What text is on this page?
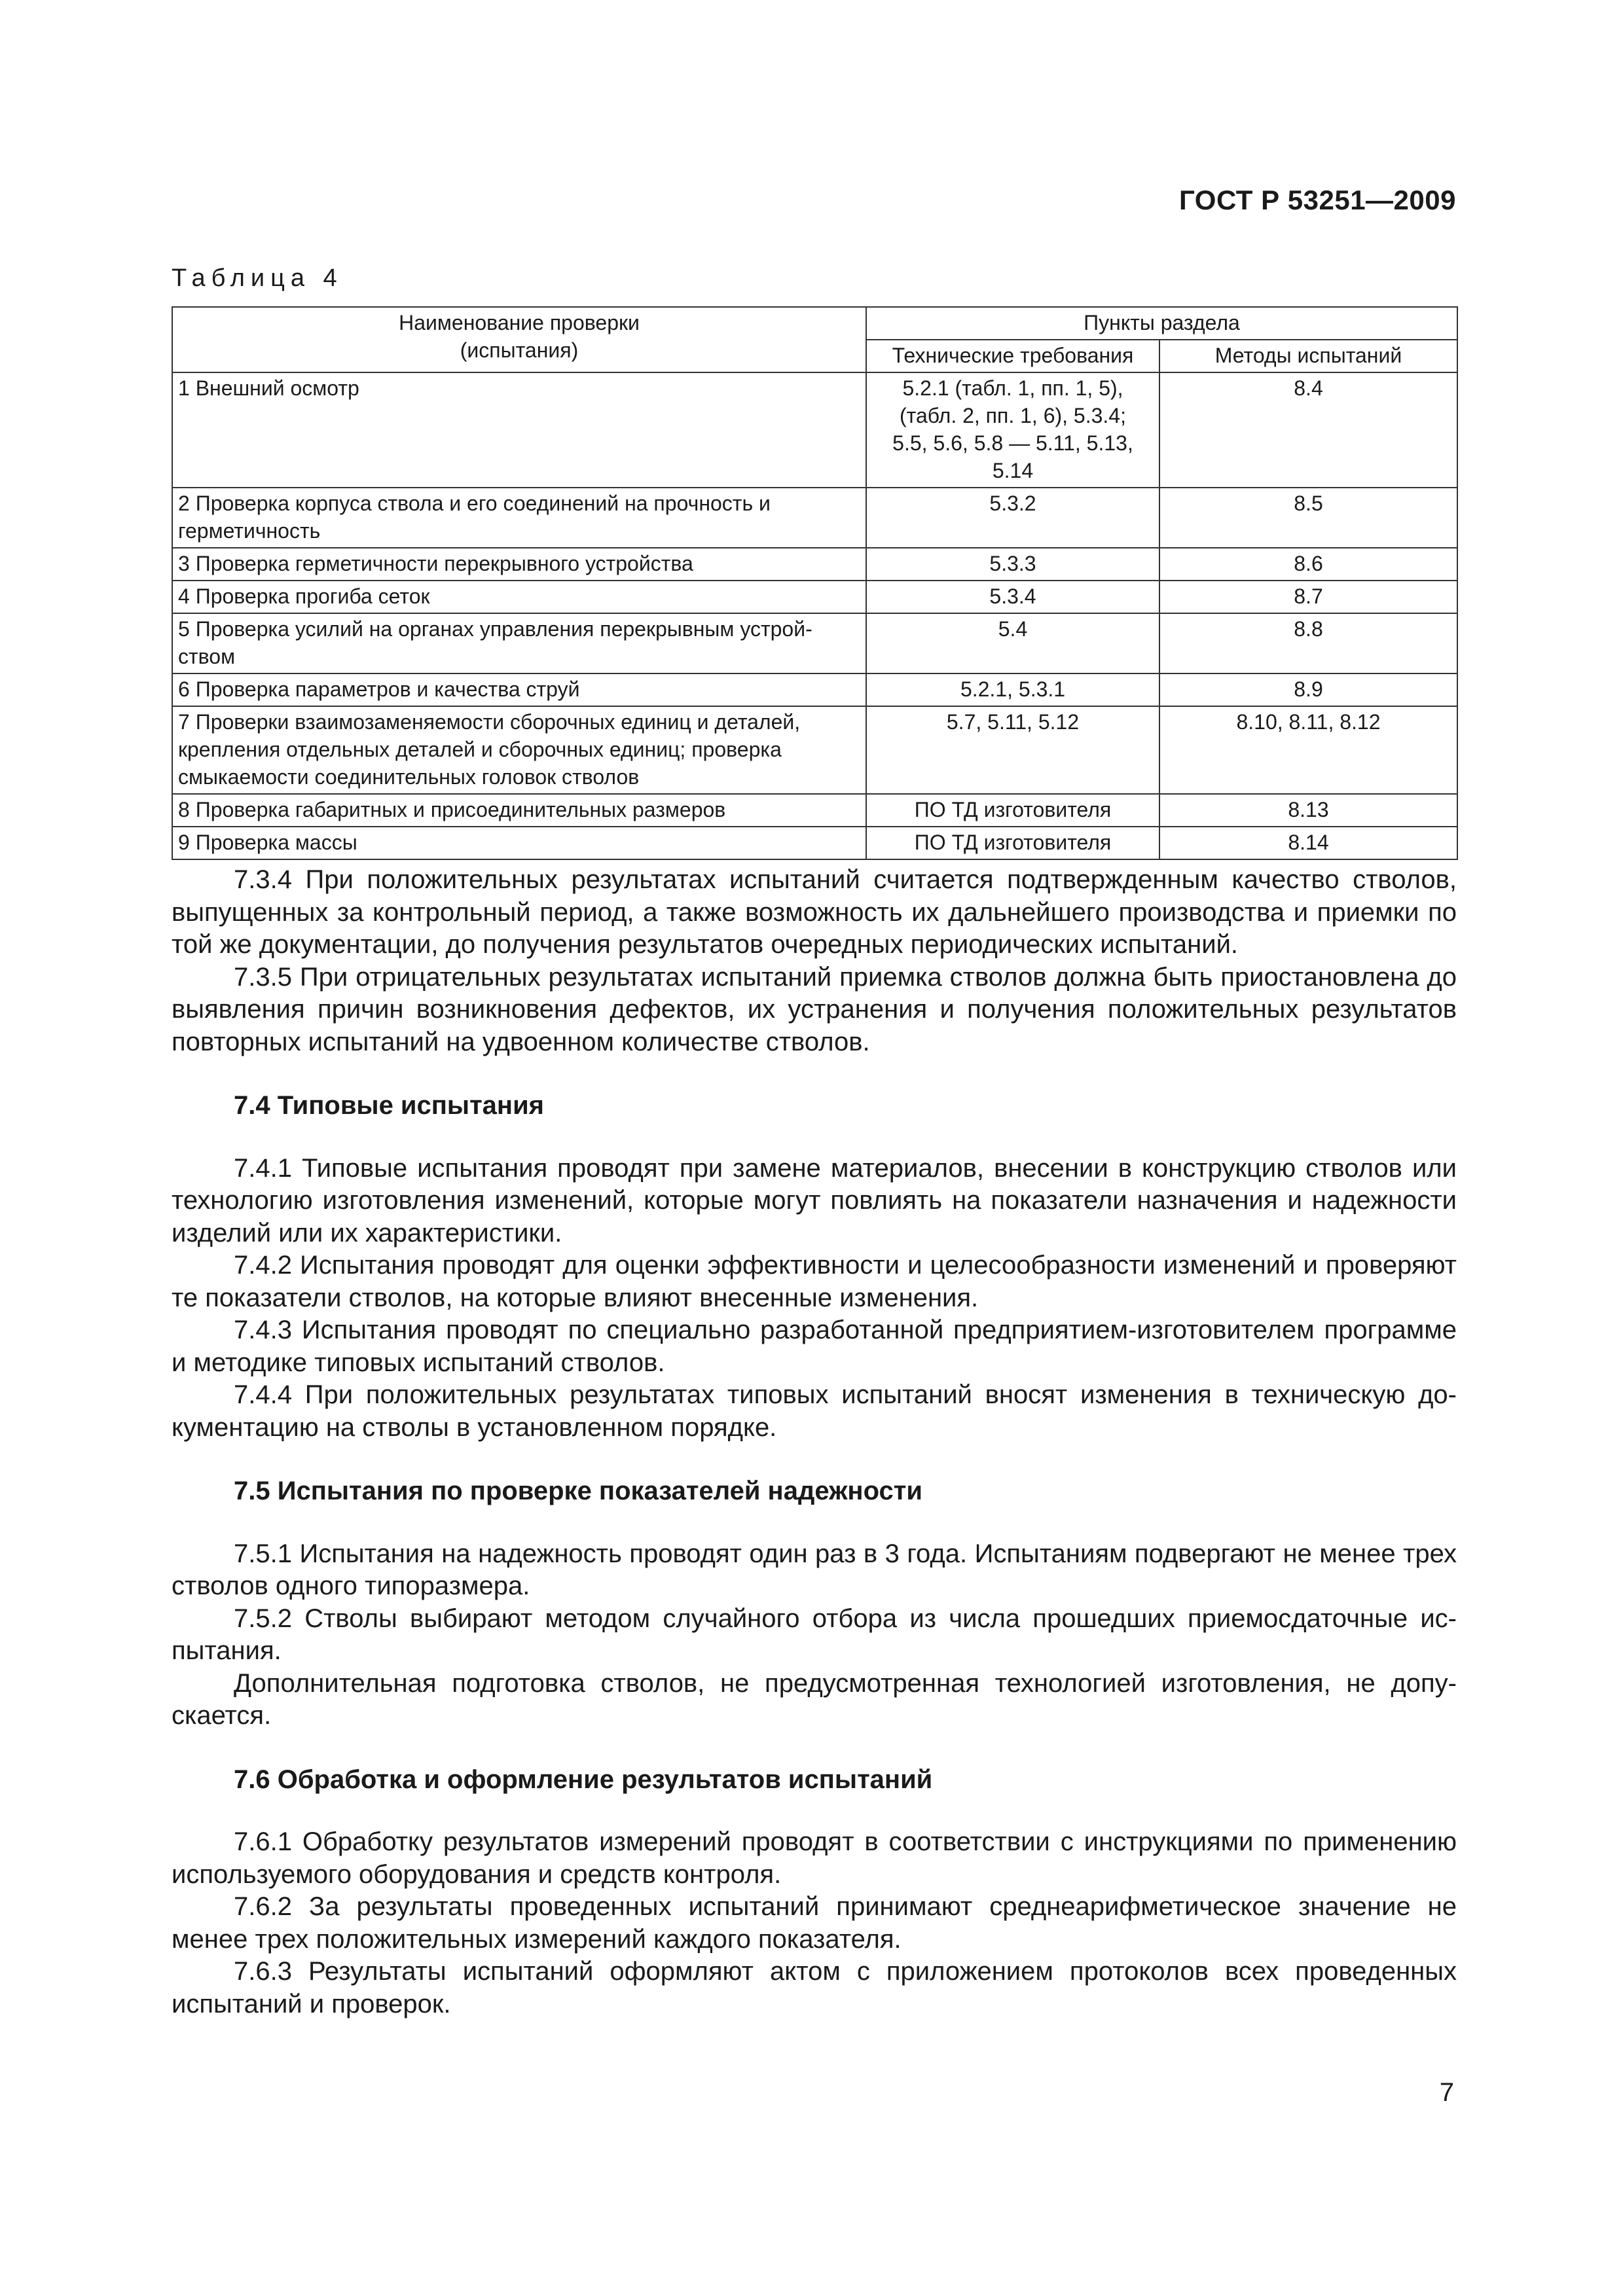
ГОСТ Р 53251—2009
Таблица 4
Наименование проверки (испытания)	Пункты раздела	
	Технические требования	Методы испытаний
1 Внешний осмотр	5.2.1 (табл. 1, пп. 1, 5), (табл. 2, пп. 1, 6), 5.3.4; 5.5, 5.6, 5.8 — 5.11, 5.13, 5.14	8.4
2 Проверка корпуса ствола и его соединений на прочность и герметичность	5.3.2	8.5
3 Проверка герметичности перекрывного устройства	5.3.3	8.6
4 Проверка прогиба сеток	5.3.4	8.7
5 Проверка усилий на органах управления перекрывным устройством	5.4	8.8
6 Проверка параметров и качества струй	5.2.1, 5.3.1	8.9
7 Проверки взаимозаменяемости сборочных единиц и деталей, крепления отдельных деталей и сборочных единиц; проверка смыкаемости соединительных головок стволов	5.7, 5.11, 5.12	8.10, 8.11, 8.12
8 Проверка габаритных и присоединительных размеров	ПО ТД изготовителя	8.13
9 Проверка массы	ПО ТД изготовителя	8.14

7.3.4 При положительных результатах испытаний считается подтвержденным качество стволов, выпущенных за контрольный период, а также возможность их дальнейшего производства и приемки по той же документации, до получения результатов очередных периодических испытаний.

7.3.5 При отрицательных результатах испытаний приемка стволов должна быть приостановлена до выявления причин возникновения дефектов, их устранения и получения положительных результатов повторных испытаний на удвоенном количестве стволов.

7.4 Типовые испытания

7.4.1 Типовые испытания проводят при замене материалов, внесении в конструкцию стволов или технологию изготовления изменений, которые могут повлиять на показатели назначения и надежности изделий или их характеристики.

7.4.2 Испытания проводят для оценки эффективности и целесообразности изменений и проверяют те показатели стволов, на которые влияют внесенные изменения.

7.4.3 Испытания проводят по специально разработанной предприятием-изготовителем программе и методике типовых испытаний стволов.

7.4.4 При положительных результатах типовых испытаний вносят изменения в техническую документацию на стволы в установленном порядке.

7.5 Испытания по проверке показателей надежности

7.5.1 Испытания на надежность проводят один раз в 3 года. Испытаниям подвергают не менее трех стволов одного типоразмера.

7.5.2 Стволы выбирают методом случайного отбора из числа прошедших приемосдаточные испытания.

Дополнительная подготовка стволов, не предусмотренная технологией изготовления, не допускается.

7.6 Обработка и оформление результатов испытаний

7.6.1 Обработку результатов измерений проводят в соответствии с инструкциями по применению используемого оборудования и средств контроля.

7.6.2 За результаты проведенных испытаний принимают среднеарифметическое значение не менее трех положительных измерений каждого показателя.

7.6.3 Результаты испытаний оформляют актом с приложением протоколов всех проведенных испытаний и проверок.

7
